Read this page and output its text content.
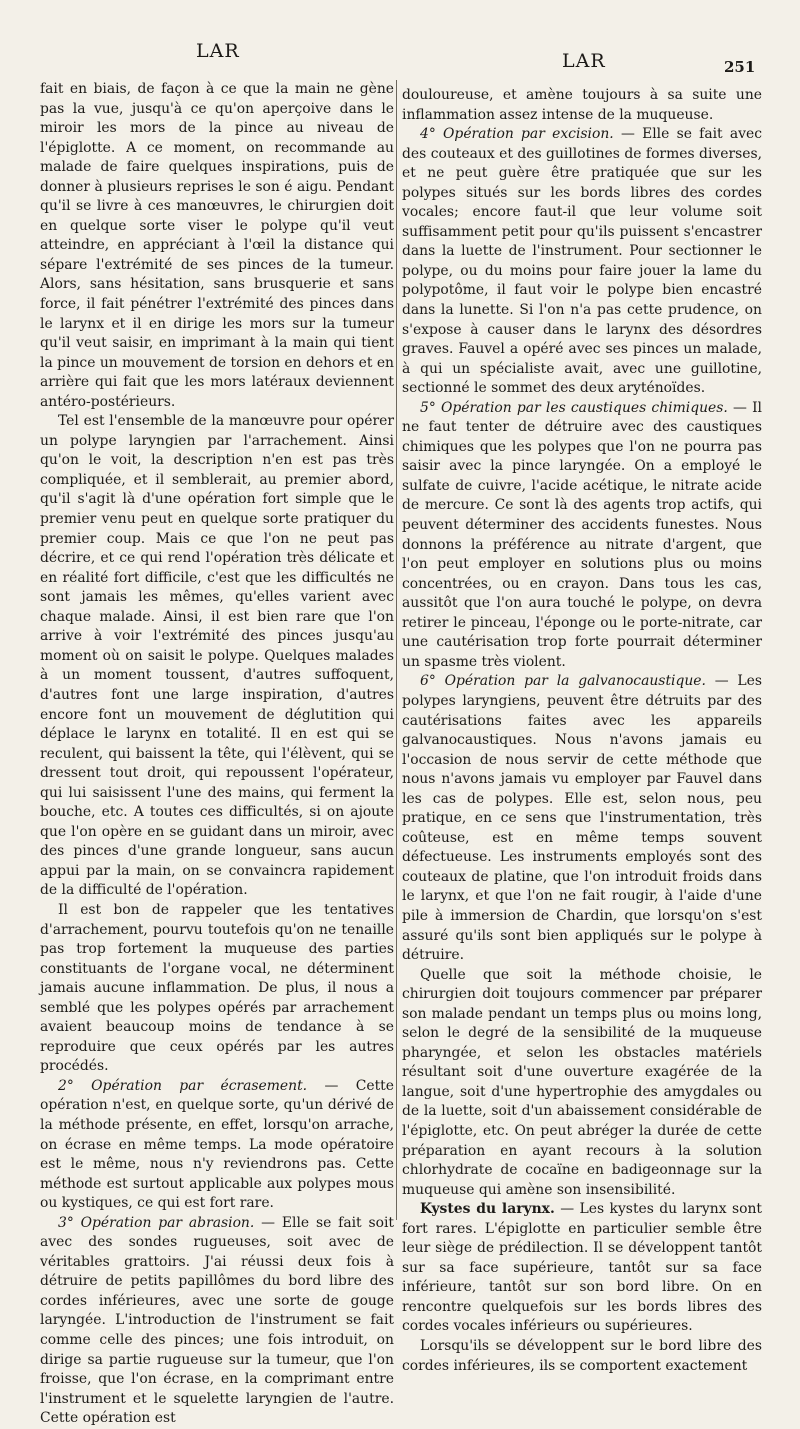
LAR	LAR	251

fait en biais, de façon à ce que la main ne gène pas la vue, jusqu'à ce qu'on aperçoive dans le miroir les mors de la pince au niveau de l'épiglotte. A ce moment, on recommande au malade de faire quelques inspirations, puis de donner à plusieurs reprises le son é aigu. Pendant qu'il se livre à ces manœuvres, le chirurgien doit en quelque sorte viser le polype qu'il veut atteindre, en appréciant à l'œil la distance qui sépare l'extrémité de ses pinces de la tumeur. Alors, sans hésitation, sans brusquerie et sans force, il fait pénétrer l'extrémité des pinces dans le larynx et il en dirige les mors sur la tumeur qu'il veut saisir, en imprimant à la main qui tient la pince un mouvement de torsion en dehors et en arrière qui fait que les mors latéraux deviennent antéro-postérieurs.

Tel est l'ensemble de la manœuvre pour opérer un polype laryngien par l'arrachement. Ainsi qu'on le voit, la description n'en est pas très compliquée, et il semblerait, au premier abord, qu'il s'agit là d'une opération fort simple que le premier venu peut en quelque sorte pratiquer du premier coup. Mais ce que l'on ne peut pas décrire, et ce qui rend l'opération très délicate et en réalité fort difficile, c'est que les difficultés ne sont jamais les mêmes, qu'elles varient avec chaque malade. Ainsi, il est bien rare que l'on arrive à voir l'extrémité des pinces jusqu'au moment où on saisit le polype. Quelques malades à un moment toussent, d'autres suffoquent, d'autres font une large inspiration, d'autres encore font un mouvement de déglutition qui déplace le larynx en totalité. Il en est qui se reculent, qui baissent la tête, qui l'élèvent, qui se dressent tout droit, qui repoussent l'opérateur, qui lui saisissent l'une des mains, qui ferment la bouche, etc. A toutes ces difficultés, si on ajoute que l'on opère en se guidant dans un miroir, avec des pinces d'une grande longueur, sans aucun appui par la main, on se convaincra rapidement de la difficulté de l'opération.

Il est bon de rappeler que les tentatives d'arrachement, pourvu toutefois qu'on ne tenaille pas trop fortement la muqueuse des parties constituants de l'organe vocal, ne déterminent jamais aucune inflammation. De plus, il nous a semblé que les polypes opérés par arrachement avaient beaucoup moins de tendance à se reproduire que ceux opérés par les autres procédés.

2° Opération par écrasement. — Cette opération n'est, en quelque sorte, qu'un dérivé de la méthode présente, en effet, lorsqu'on arrache, on écrase en même temps. La mode opératoire est le même, nous n'y reviendrons pas. Cette méthode est surtout applicable aux polypes mous ou kystiques, ce qui est fort rare.

3° Opération par abrasion. — Elle se fait soit avec des sondes rugueuses, soit avec de véritables grattoirs. J'ai réussi deux fois à détruire de petits papillômes du bord libre des cordes inférieures, avec une sorte de gouge laryngée. L'introduction de l'instrument se fait comme celle des pinces; une fois introduit, on dirige sa partie rugueuse sur la tumeur, que l'on froisse, que l'on écrase, en la comprimant entre l'instrument et le squelette laryngien de l'autre. Cette opération est

douloureuse, et amène toujours à sa suite une inflammation assez intense de la muqueuse.

4° Opération par excision. — Elle se fait avec des couteaux et des guillotines de formes diverses, et ne peut guère être pratiquée que sur les polypes situés sur les bords libres des cordes vocales; encore faut-il que leur volume soit suffisamment petit pour qu'ils puissent s'encastrer dans la luette de l'instrument. Pour sectionner le polype, ou du moins pour faire jouer la lame du polypotôme, il faut voir le polype bien encastré dans la lunette. Si l'on n'a pas cette prudence, on s'expose à causer dans le larynx des désordres graves. Fauvel a opéré avec ses pinces un malade, à qui un spécialiste avait, avec une guillotine, sectionné le sommet des deux aryténoïdes.

5° Opération par les caustiques chimiques. — Il ne faut tenter de détruire avec des caustiques chimiques que les polypes que l'on ne pourra pas saisir avec la pince laryngée. On a employé le sulfate de cuivre, l'acide acétique, le nitrate acide de mercure. Ce sont là des agents trop actifs, qui peuvent déterminer des accidents funestes. Nous donnons la préférence au nitrate d'argent, que l'on peut employer en solutions plus ou moins concentrées, ou en crayon. Dans tous les cas, aussitôt que l'on aura touché le polype, on devra retirer le pinceau, l'éponge ou le porte-nitrate, car une cautérisation trop forte pourrait déterminer un spasme très violent.

6° Opération par la galvanocaustique. — Les polypes laryngiens, peuvent être détruits par des cautérisations faites avec les appareils galvanocaustiques. Nous n'avons jamais eu l'occasion de nous servir de cette méthode que nous n'avons jamais vu employer par Fauvel dans les cas de polypes. Elle est, selon nous, peu pratique, en ce sens que l'instrumentation, très coûteuse, est en même temps souvent défectueuse. Les instruments employés sont des couteaux de platine, que l'on introduit froids dans le larynx, et que l'on ne fait rougir, à l'aide d'une pile à immersion de Chardin, que lorsqu'on s'est assuré qu'ils sont bien appliqués sur le polype à détruire.

Quelle que soit la méthode choisie, le chirurgien doit toujours commencer par préparer son malade pendant un temps plus ou moins long, selon le degré de la sensibilité de la muqueuse pharyngée, et selon les obstacles matériels résultant soit d'une ouverture exagérée de la langue, soit d'une hypertrophie des amygdales ou de la luette, soit d'un abaissement considérable de l'épiglotte, etc. On peut abréger la durée de cette préparation en ayant recours à la solution chlorhydrate de cocaïne en badigeonnage sur la muqueuse qui amène son insensibilité.

Kystes du larynx. — Les kystes du larynx sont fort rares. L'épiglotte en particulier semble être leur siège de prédilection. Il se développent tantôt sur sa face supérieure, tantôt sur sa face inférieure, tantôt sur son bord libre. On en rencontre quelquefois sur les bords libres des cordes vocales inférieurs ou supérieures.

Lorsqu'ils se développent sur le bord libre des cordes inférieures, ils se comportent exactement
